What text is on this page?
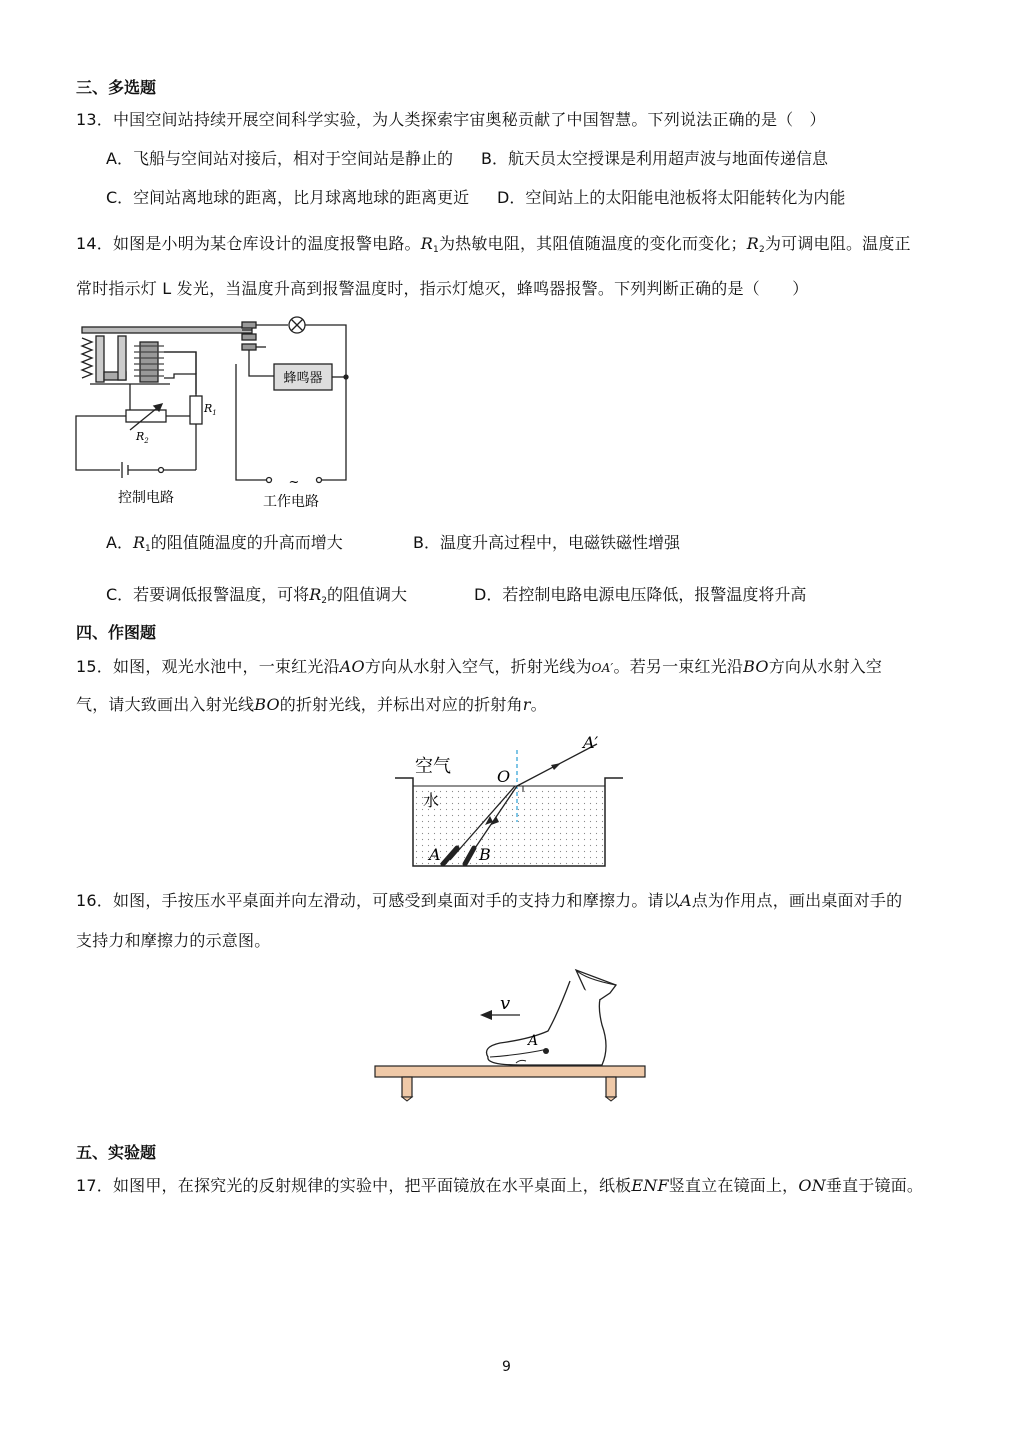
三、多选题
13．中国空间站持续开展空间科学实验，为人类探索宇宙奥秘贡献了中国智慧。下列说法正确的是（　）
A．飞船与空间站对接后，相对于空间站是静止的 B．航天员太空授课是利用超声波与地面传递信息
C．空间站离地球的距离，比月球离地球的距离更近 D．空间站上的太阳能电池板将太阳能转化为内能
14．如图是小明为某仓库设计的温度报警电路。$R_1$为热敏电阻，其阻值随温度的变化而变化；$R_2$为可调电阻。温度正
常时指示灯 L 发光，当温度升高到报警温度时，指示灯熄灭，蜂鸣器报警。下列判断正确的是（　　）
蜂鸣器
$R_1$
$R_2$
~
控制电路	工作电路
A．$R_1$的阻值随温度的升高而增大	B．温度升高过程中，电磁铁磁性增强
C．若要调低报警温度，可将$R_2$的阻值调大	D．若控制电路电源电压降低，报警温度将升高
四、作图题
15．如图，观光水池中，一束红光沿AO方向从水射入空气，折射光线为OA′。若另一束红光沿BO方向从水射入空
气，请大致画出入射光线BO的折射光线，并标出对应的折射角r。
空气
水
O
A′
A B
16．如图，手按压水平桌面并向左滑动，可感受到桌面对手的支持力和摩擦力。请以A点为作用点，画出桌面对手的
支持力和摩擦力的示意图。
v
A
五、实验题
17．如图甲，在探究光的反射规律的实验中，把平面镜放在水平桌面上，纸板ENF竖直立在镜面上，ON垂直于镜面。
9
